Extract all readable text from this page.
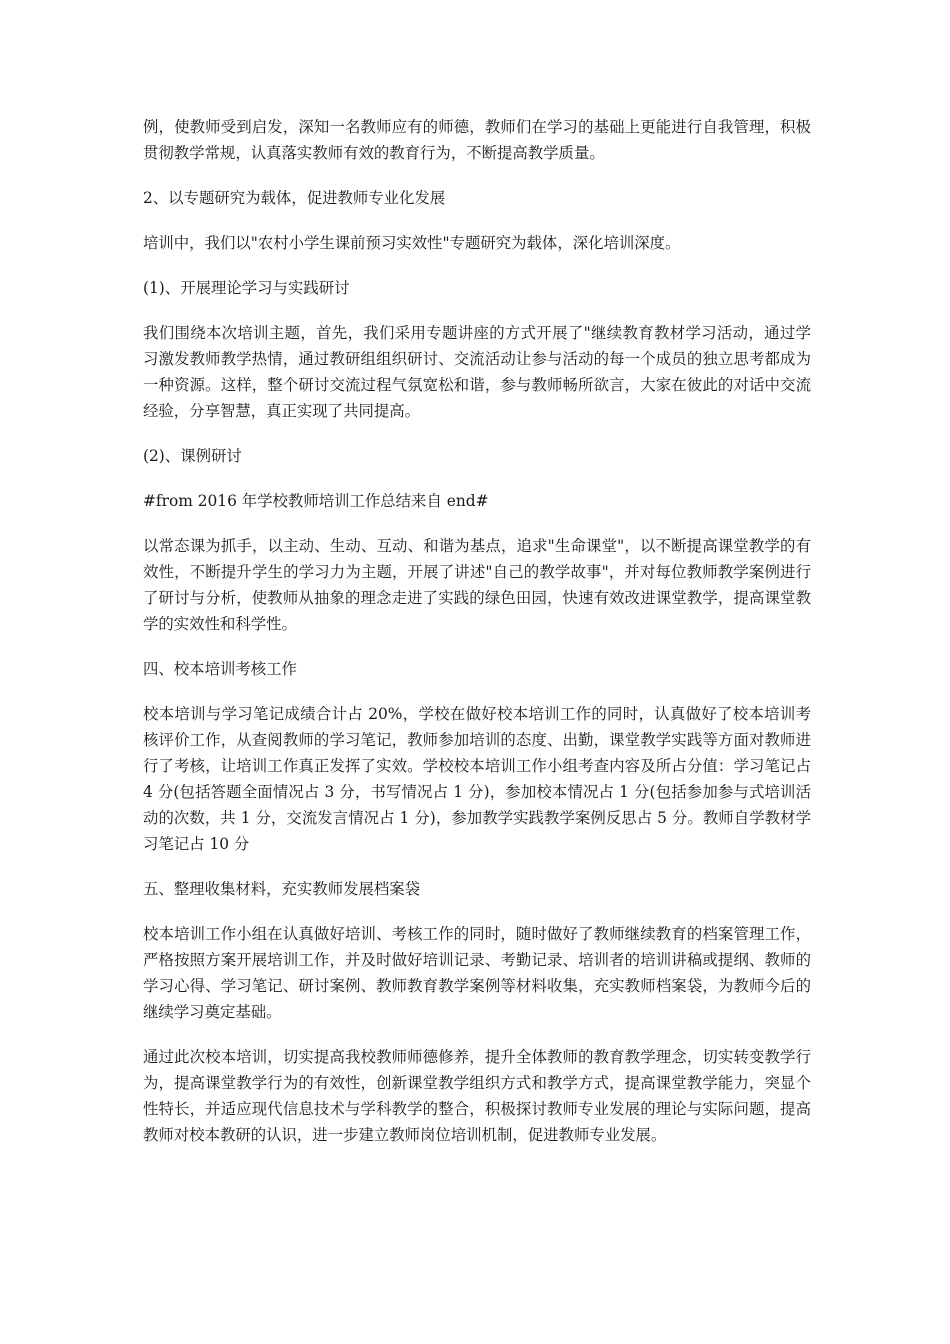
例，使教师受到启发，深知一名教师应有的师德，教师们在学习的基础上更能进行自我管理，积极贯彻教学常规，认真落实教师有效的教育行为，不断提高教学质量。

2、以专题研究为载体，促进教师专业化发展

培训中，我们以"农村小学生课前预习实效性"专题研究为载体，深化培训深度。

(1)、开展理论学习与实践研讨

我们围绕本次培训主题，首先，我们采用专题讲座的方式开展了"继续教育教材学习活动，通过学习激发教师教学热情，通过教研组组织研讨、交流活动让参与活动的每一个成员的独立思考都成为一种资源。这样，整个研讨交流过程气氛宽松和谐，参与教师畅所欲言，大家在彼此的对话中交流经验，分享智慧，真正实现了共同提高。

(2)、课例研讨

#from 2016 年学校教师培训工作总结来自 end#

以常态课为抓手，以主动、生动、互动、和谐为基点，追求"生命课堂"，以不断提高课堂教学的有效性，不断提升学生的学习力为主题，开展了讲述"自己的教学故事"，并对每位教师教学案例进行了研讨与分析，使教师从抽象的理念走进了实践的绿色田园，快速有效改进课堂教学，提高课堂教学的实效性和科学性。

四、校本培训考核工作

校本培训与学习笔记成绩合计占 20%，学校在做好校本培训工作的同时，认真做好了校本培训考核评价工作，从查阅教师的学习笔记，教师参加培训的态度、出勤，课堂教学实践等方面对教师进行了考核，让培训工作真正发挥了实效。学校校本培训工作小组考查内容及所占分值：学习笔记占 4 分(包括答题全面情况占 3 分，书写情况占 1 分)，参加校本情况占 1 分(包括参加参与式培训活动的次数，共 1 分，交流发言情况占 1 分)，参加教学实践教学案例反思占 5 分。教师自学教材学习笔记占 10 分

五、整理收集材料，充实教师发展档案袋

校本培训工作小组在认真做好培训、考核工作的同时，随时做好了教师继续教育的档案管理工作，严格按照方案开展培训工作，并及时做好培训记录、考勤记录、培训者的培训讲稿或提纲、教师的学习心得、学习笔记、研讨案例、教师教育教学案例等材料收集，充实教师档案袋，为教师今后的继续学习奠定基础。

通过此次校本培训，切实提高我校教师师德修养，提升全体教师的教育教学理念，切实转变教学行为，提高课堂教学行为的有效性，创新课堂教学组织方式和教学方式，提高课堂教学能力，突显个性特长，并适应现代信息技术与学科教学的整合，积极探讨教师专业发展的理论与实际问题，提高教师对校本教研的认识，进一步建立教师岗位培训机制，促进教师专业发展。
